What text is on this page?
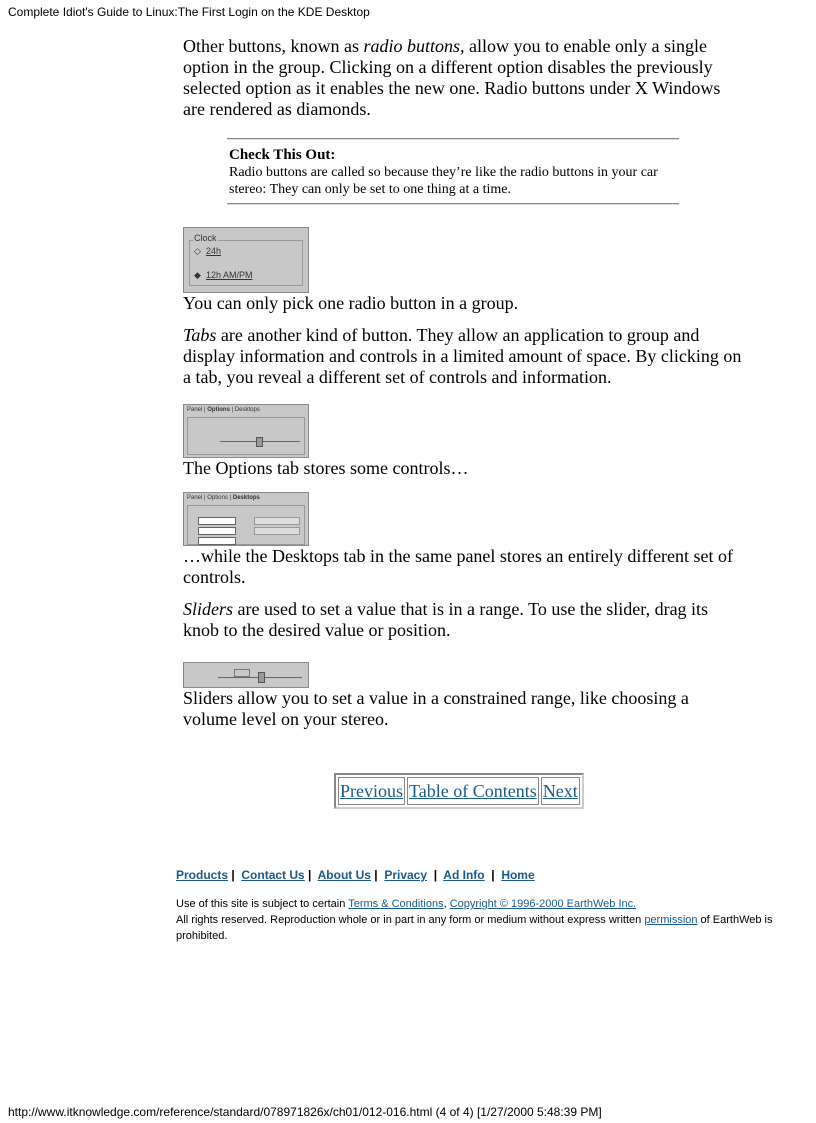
Complete Idiot's Guide to Linux:The First Login on the KDE Desktop

Other buttons, known as radio buttons, allow you to enable only a single option in the group. Clicking on a different option disables the previously selected option as it enables the new one. Radio buttons under X Windows are rendered as diamonds.

Check This Out:
Radio buttons are called so because they’re like the radio buttons in your car stereo: They can only be set to one thing at a time.
Clock
◇ 24h
◆ 12h AM/PM

You can only pick one radio button in a group.

Tabs are another kind of button. They allow an application to group and display information and controls in a limited amount of space. By clicking on a tab, you reveal a different set of controls and information.

Panel | Options | Desktops

The Options tab stores some controls…

Panel | Options | Desktops

…while the Desktops tab in the same panel stores an entirely different set of controls.

Sliders are used to set a value that is in a range. To use the slider, drag its knob to the desired value or position.

Sliders allow you to set a value in a constrained range, like choosing a volume level on your stereo.

Previous Table of Contents Next
Products |  Contact Us |  About Us |  Privacy  |  Ad Info  |  Home
Use of this site is subject to certain Terms & Conditions, Copyright © 1996-2000 EarthWeb Inc.
All rights reserved. Reproduction whole or in part in any form or medium without express written permission of EarthWeb is prohibited.
http://www.itknowledge.com/reference/standard/078971826x/ch01/012-016.html (4 of 4) [1/27/2000 5:48:39 PM]
